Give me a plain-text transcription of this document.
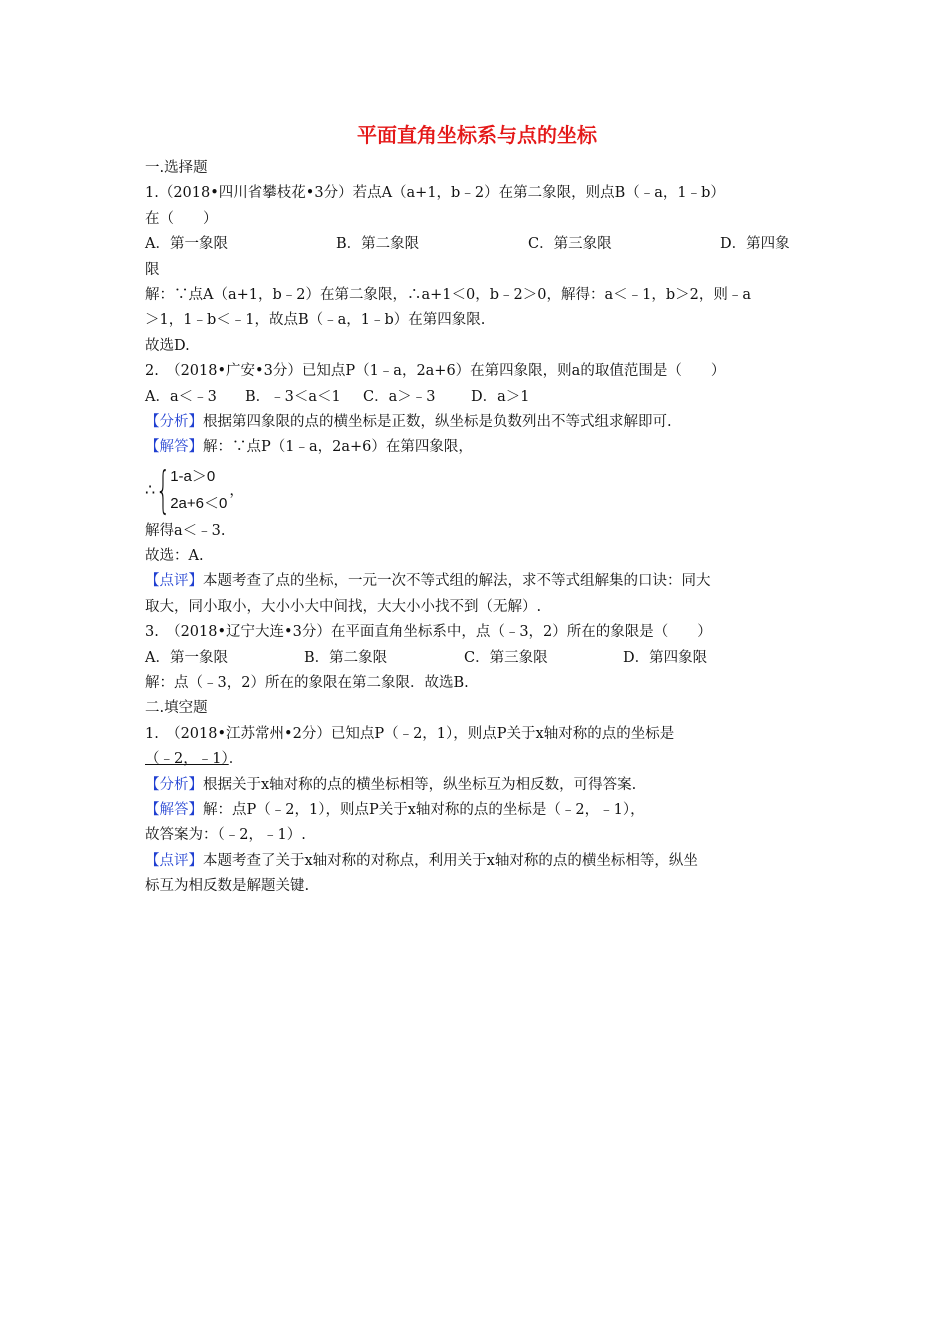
平面直角坐标系与点的坐标
一.选择题
1.（2018•四川省攀枝花•3分）若点A（a+1，b﹣2）在第二象限，则点B（﹣a，1﹣b）
在（　　）
A．第一象限	B．第二象限	C．第三象限	D．第四象
限
解：∵点A（a+1，b﹣2）在第二象限，∴a+1＜0，b﹣2＞0，解得：a＜﹣1，b＞2，则﹣a
＞1，1﹣b＜﹣1，故点B（﹣a，1﹣b）在第四象限.
故选D.
2.　（2018•广安•3分）已知点P（1﹣a，2a+6）在第四象限，则a的取值范围是（　　）
A．a＜﹣3	B．﹣3＜a＜1	C．a＞﹣3	D．a＞1
【分析】根据第四象限的点的横坐标是正数，纵坐标是负数列出不等式组求解即可.
【解答】解：∵点P（1﹣a，2a+6）在第四象限，
∴ { 1-a＞0
2a+6＜0
，
解得a＜﹣3.
故选：A.
【点评】本题考查了点的坐标，一元一次不等式组的解法，求不等式组解集的口诀：同大
取大，同小取小，大小小大中间找，大大小小找不到（无解）.
3.　（2018•辽宁大连•3分）在平面直角坐标系中，点（﹣3，2）所在的象限是（　　）
A．第一象限	B．第二象限	C．第三象限	D．第四象限
解：点（﹣3，2）所在的象限在第二象限．故选B.
二.填空题
1.　（2018•江苏常州•2分）已知点P（﹣2，1），则点P关于x轴对称的点的坐标是
（﹣2，﹣1）．
【分析】根据关于x轴对称的点的横坐标相等，纵坐标互为相反数，可得答案.
【解答】解：点P（﹣2，1），则点P关于x轴对称的点的坐标是（﹣2，﹣1），
故答案为：（﹣2，﹣1）.
【点评】本题考查了关于x轴对称的对称点，利用关于x轴对称的点的横坐标相等，纵坐
标互为相反数是解题关键.
